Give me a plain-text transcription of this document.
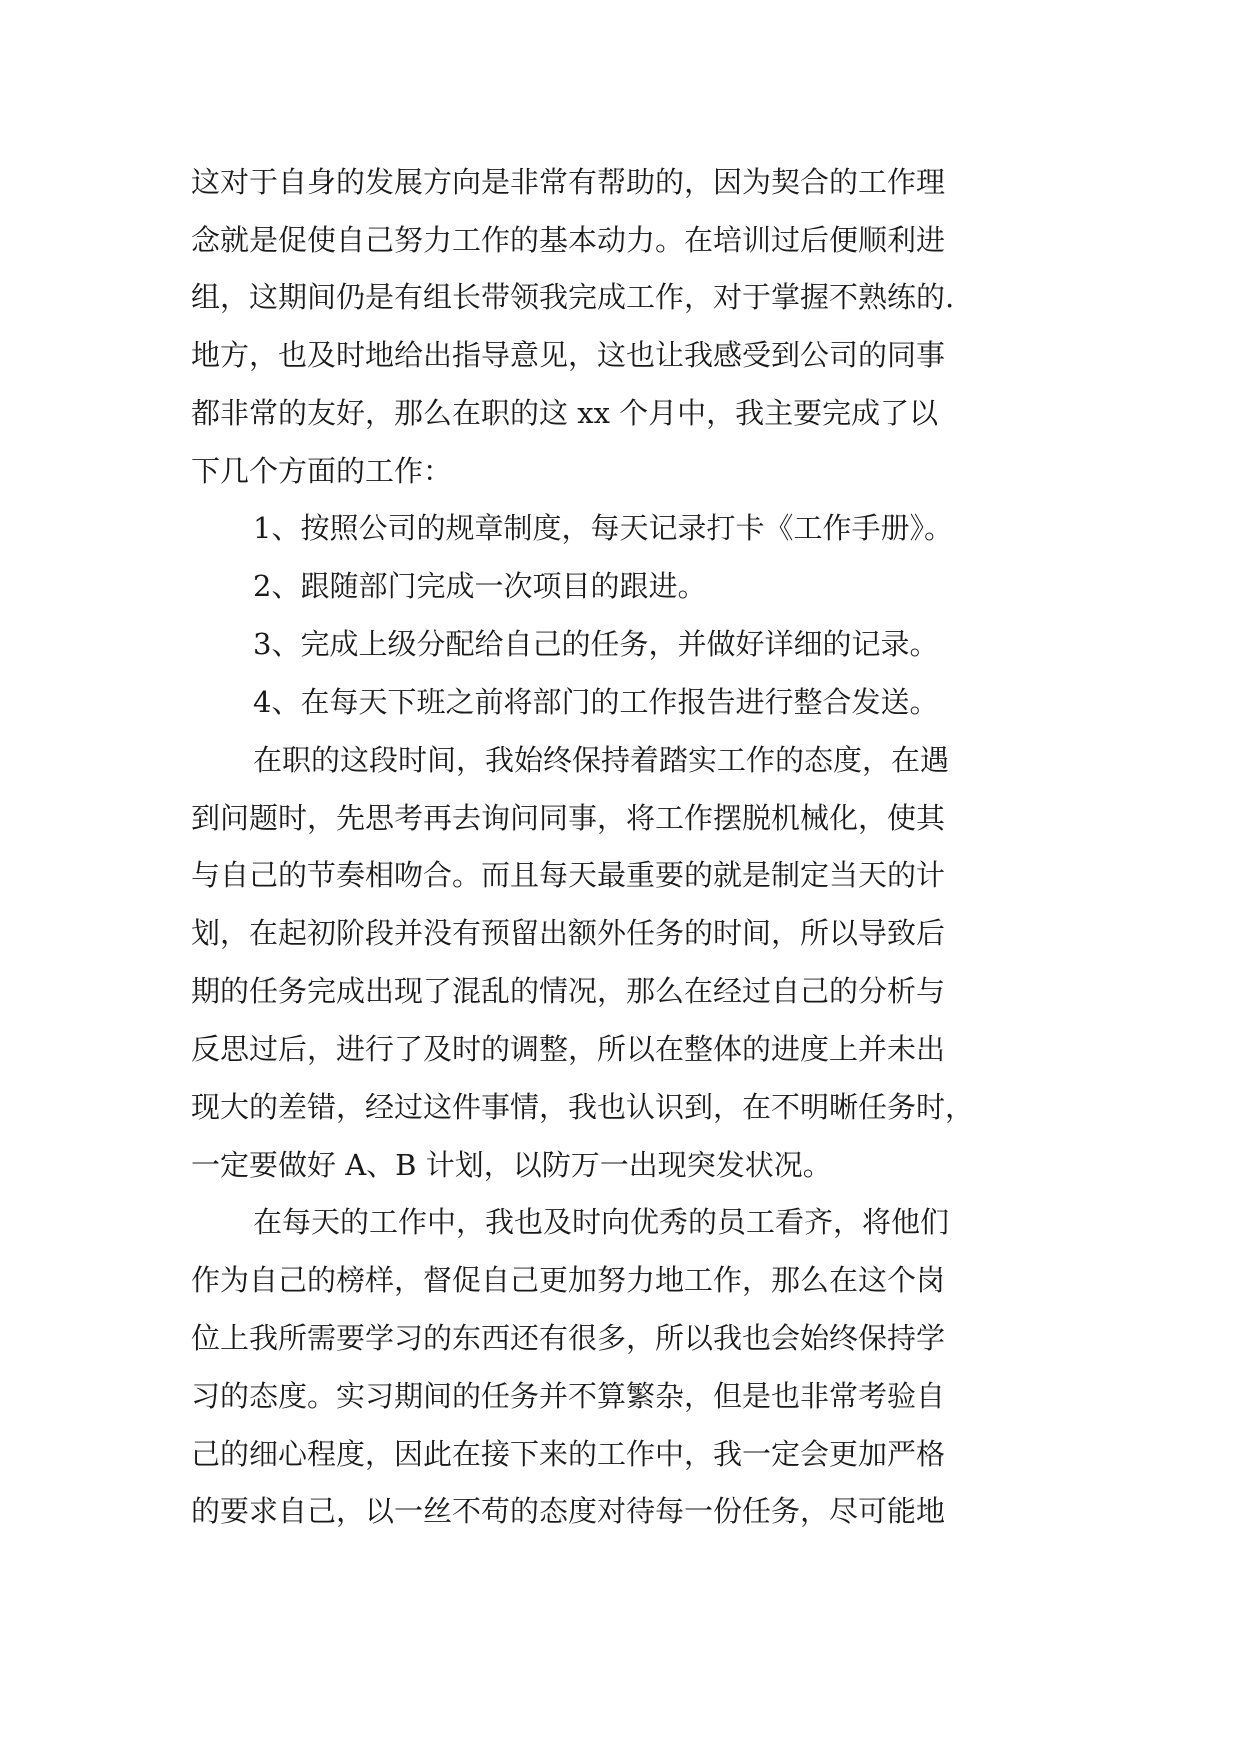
这对于自身的发展方向是非常有帮助的，因为契合的工作理
念就是促使自己努力工作的基本动力。在培训过后便顺利进
组，这期间仍是有组长带领我完成工作，对于掌握不熟练的.
地方，也及时地给出指导意见，这也让我感受到公司的同事
都非常的友好，那么在职的这 xx 个月中，我主要完成了以
下几个方面的工作：
1、按照公司的规章制度，每天记录打卡《工作手册》。
2、跟随部门完成一次项目的跟进。
3、完成上级分配给自己的任务，并做好详细的记录。
4、在每天下班之前将部门的工作报告进行整合发送。
在职的这段时间，我始终保持着踏实工作的态度，在遇
到问题时，先思考再去询问同事，将工作摆脱机械化，使其
与自己的节奏相吻合。而且每天最重要的就是制定当天的计
划，在起初阶段并没有预留出额外任务的时间，所以导致后
期的任务完成出现了混乱的情况，那么在经过自己的分析与
反思过后，进行了及时的调整，所以在整体的进度上并未出
现大的差错，经过这件事情，我也认识到，在不明晰任务时，
一定要做好 A、B 计划，以防万一出现突发状况。
在每天的工作中，我也及时向优秀的员工看齐，将他们
作为自己的榜样，督促自己更加努力地工作，那么在这个岗
位上我所需要学习的东西还有很多，所以我也会始终保持学
习的态度。实习期间的任务并不算繁杂，但是也非常考验自
己的细心程度，因此在接下来的工作中，我一定会更加严格
的要求自己，以一丝不苟的态度对待每一份任务，尽可能地
